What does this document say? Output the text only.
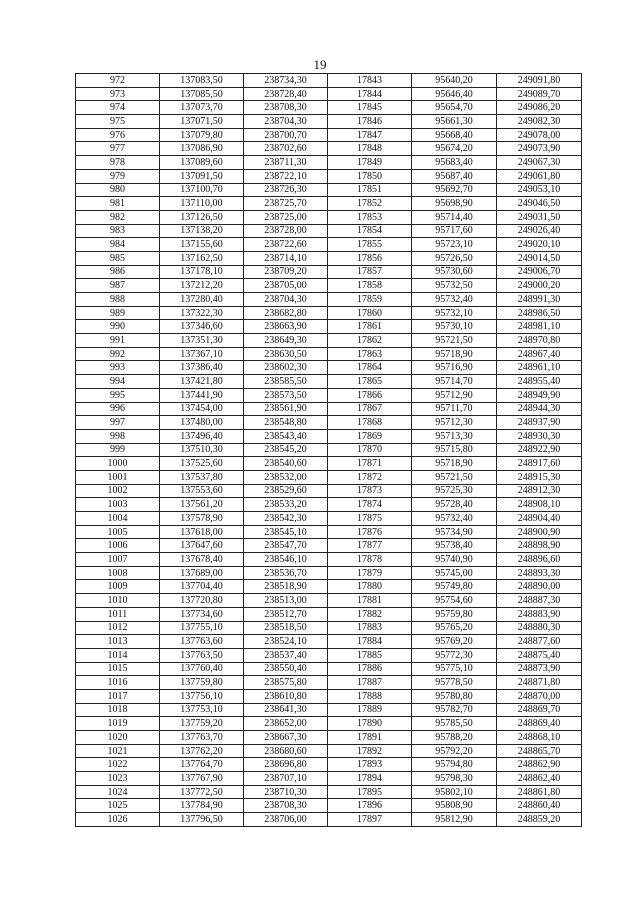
19
972	137083,50	238734,30	17843	95640,20	249091,80
973	137085,50	238728,40	17844	95646,40	249089,70
974	137073,70	238708,30	17845	95654,70	249086,20
975	137071,50	238704,30	17846	95661,30	249082,30
976	137079,80	238700,70	17847	95668,40	249078,00
977	137086,90	238702,60	17848	95674,20	249073,90
978	137089,60	238711,30	17849	95683,40	249067,30
979	137091,50	238722,10	17850	95687,40	249061,80
980	137100,70	238726,30	17851	95692,70	249053,10
981	137110,00	238725,70	17852	95698,90	249046,50
982	137126,50	238725,00	17853	95714,40	249031,50
983	137138,20	238728,00	17854	95717,60	249026,40
984	137155,60	238722,60	17855	95723,10	249020,10
985	137162,50	238714,10	17856	95726,50	249014,50
986	137178,10	238709,20	17857	95730,60	249006,70
987	137212,20	238705,00	17858	95732,50	249000,20
988	137280,40	238704,30	17859	95732,40	248991,30
989	137322,30	238682,80	17860	95732,10	248986,50
990	137346,60	238663,90	17861	95730,10	248981,10
991	137351,30	238649,30	17862	95721,50	248970,80
992	137367,10	238630,50	17863	95718,90	248967,40
993	137386,40	238602,30	17864	95716,90	248961,10
994	137421,80	238585,50	17865	95714,70	248955,40
995	137441,90	238573,50	17866	95712,90	248949,90
996	137454,00	238561,90	17867	95711,70	248944,30
997	137480,00	238548,80	17868	95712,30	248937,90
998	137496,40	238543,40	17869	95713,30	248930,30
999	137510,30	238545,20	17870	95715,80	248922,90
1000	137525,60	238540,60	17871	95718,90	248917,60
1001	137537,80	238532,00	17872	95721,50	248915,30
1002	137553,60	238529,60	17873	95725,30	248912,30
1003	137561,20	238533,20	17874	95728,40	248908,10
1004	137578,90	238542,30	17875	95732,40	248904,40
1005	137618,00	238545,10	17876	95734,90	248900,90
1006	137647,60	238547,70	17877	95738,40	248898,90
1007	137678,40	238546,10	17878	95740,90	248896,60
1008	137689,00	238536,70	17879	95745,00	248893,30
1009	137704,40	238518,90	17880	95749,80	248890,00
1010	137720,80	238513,00	17881	95754,60	248887,30
1011	137734,60	238512,70	17882	95759,80	248883,90
1012	137755,10	238518,50	17883	95765,20	248880,30
1013	137763,60	238524,10	17884	95769,20	248877,60
1014	137763,50	238537,40	17885	95772,30	248875,40
1015	137760,40	238550,40	17886	95775,10	248873,90
1016	137759,80	238575,80	17887	95778,50	248871,80
1017	137756,10	238610,80	17888	95780,80	248870,00
1018	137753,10	238641,30	17889	95782,70	248869,70
1019	137759,20	238652,00	17890	95785,50	248869,40
1020	137763,70	238667,30	17891	95788,20	248868,10
1021	137762,20	238680,60	17892	95792,20	248865,70
1022	137764,70	238696,80	17893	95794,80	248862,90
1023	137767,90	238707,10	17894	95798,30	248862,40
1024	137772,50	238710,30	17895	95802,10	248861,80
1025	137784,90	238708,30	17896	95808,90	248860,40
1026	137796,50	238706,00	17897	95812,90	248859,20
